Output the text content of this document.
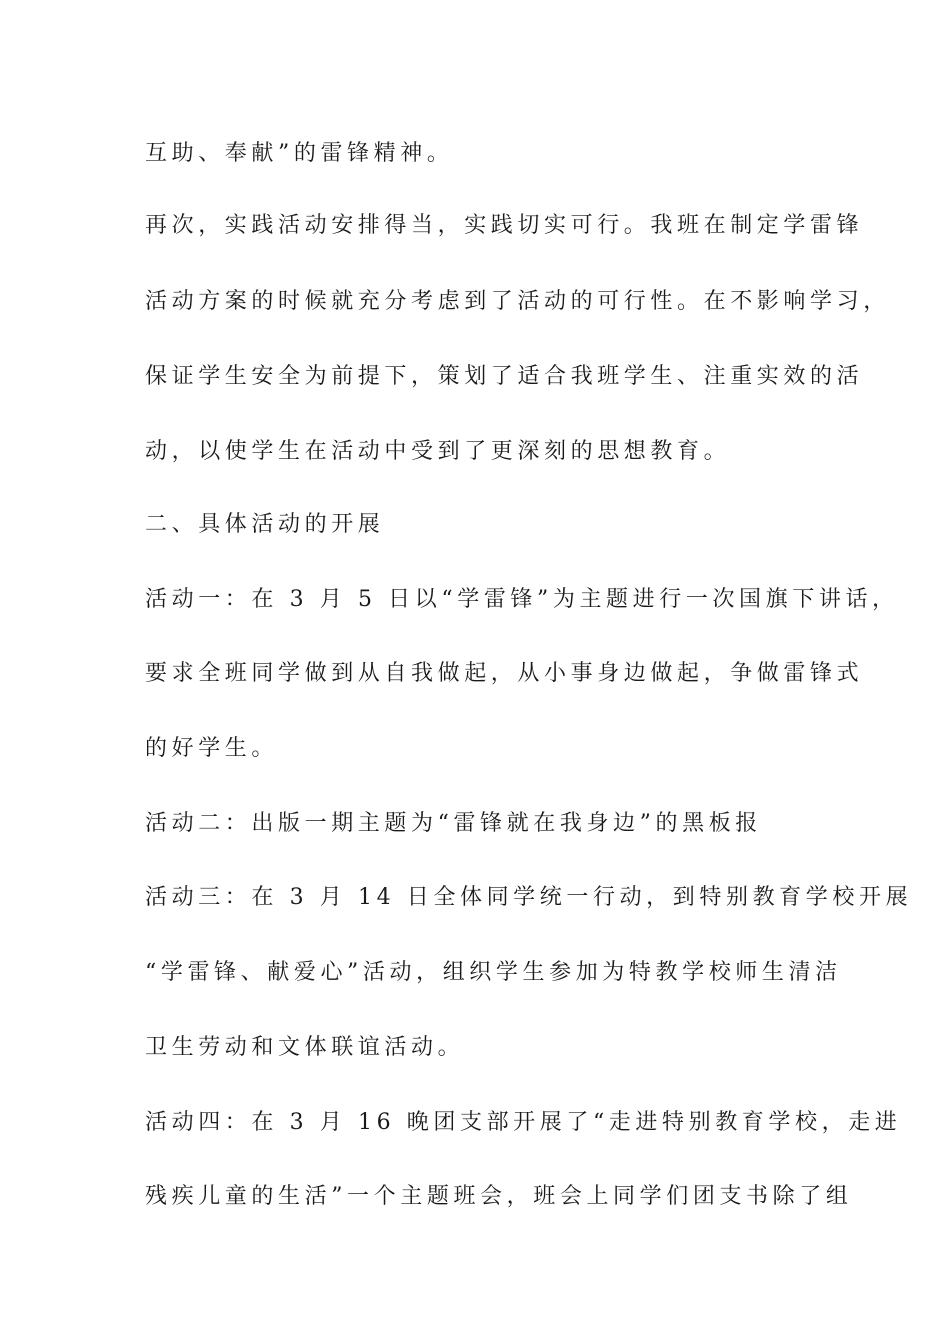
互助、奉献”的雷锋精神。
再次，实践活动安排得当，实践切实可行。我班在制定学雷锋
活动方案的时候就充分考虑到了活动的可行性。在不影响学习，
保证学生安全为前提下，策划了适合我班学生、注重实效的活
动，以使学生在活动中受到了更深刻的思想教育。
二、具体活动的开展
活动一：在 3 月 5 日以“学雷锋”为主题进行一次国旗下讲话，
要求全班同学做到从自我做起，从小事身边做起，争做雷锋式
的好学生。
活动二：出版一期主题为“雷锋就在我身边”的黑板报
活动三：在 3 月 14 日全体同学统一行动，到特别教育学校开展
“学雷锋、献爱心”活动，组织学生参加为特教学校师生清洁
卫生劳动和文体联谊活动。
活动四：在 3 月 16 晚团支部开展了“走进特别教育学校，走进
残疾儿童的生活”一个主题班会，班会上同学们团支书除了组
